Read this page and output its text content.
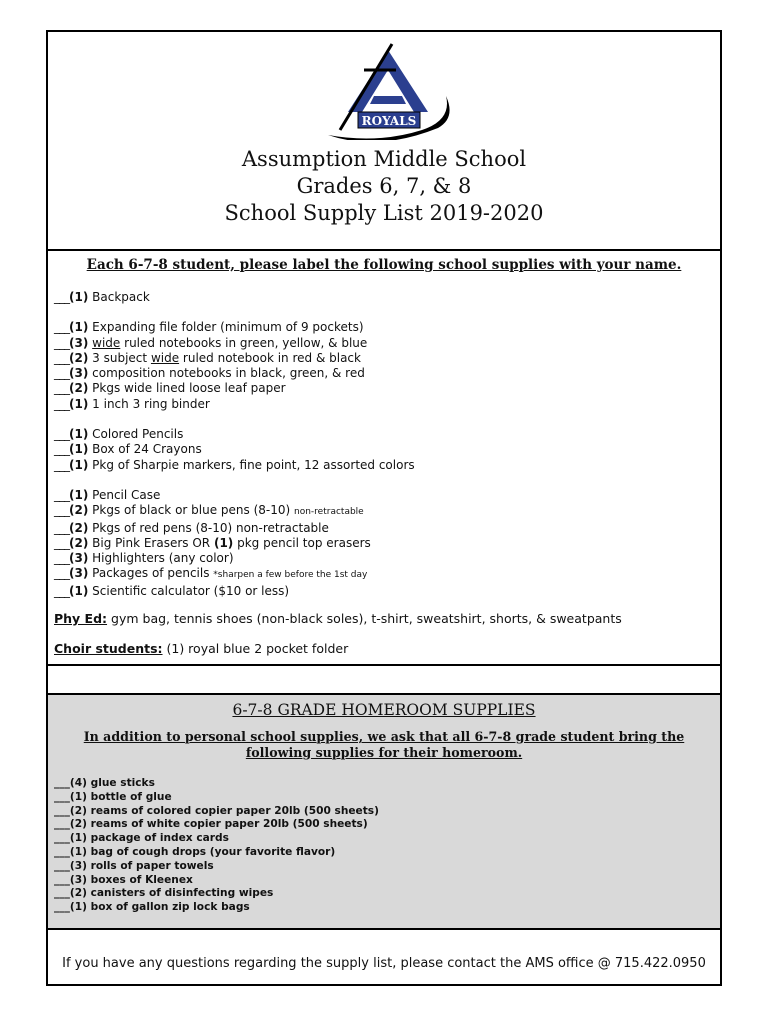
ROYALS
Assumption Middle School
Grades 6, 7, & 8
School Supply List 2019-2020
Each 6-7-8 student, please label the following school supplies with your name.
___(1) Backpack
___(1) Expanding file folder (minimum of 9 pockets)
___(3) wide ruled notebooks in green, yellow, & blue
___(2) 3 subject wide ruled notebook in red & black
___(3) composition notebooks in black, green, & red
___(2) Pkgs wide lined loose leaf paper
___(1) 1 inch 3 ring binder
___(1) Colored Pencils
___(1) Box of 24 Crayons
___(1) Pkg of Sharpie markers, fine point, 12 assorted colors
___(1) Pencil Case
___(2) Pkgs of black or blue pens (8-10) non-retractable
___(2) Pkgs of red pens (8-10) non-retractable
___(2) Big Pink Erasers OR (1) pkg pencil top erasers
___(3) Highlighters (any color)
___(3) Packages of pencils *sharpen a few before the 1st day
___(1) Scientific calculator ($10 or less)
Phy Ed: gym bag, tennis shoes (non-black soles), t-shirt, sweatshirt, shorts, & sweatpants
Choir students: (1) royal blue 2 pocket folder
6-7-8 GRADE HOMEROOM SUPPLIES
In addition to personal school supplies, we ask that all 6-7-8 grade student bring the following supplies for their homeroom.
___(4) glue sticks
___(1) bottle of glue
___(2) reams of colored copier paper 20lb (500 sheets)
___(2) reams of white copier paper 20lb (500 sheets)
___(1) package of index cards
___(1) bag of cough drops (your favorite flavor)
___(3) rolls of paper towels
___(3) boxes of Kleenex
___(2) canisters of disinfecting wipes
___(1) box of gallon zip lock bags
If you have any questions regarding the supply list, please contact the AMS office @ 715.422.0950
